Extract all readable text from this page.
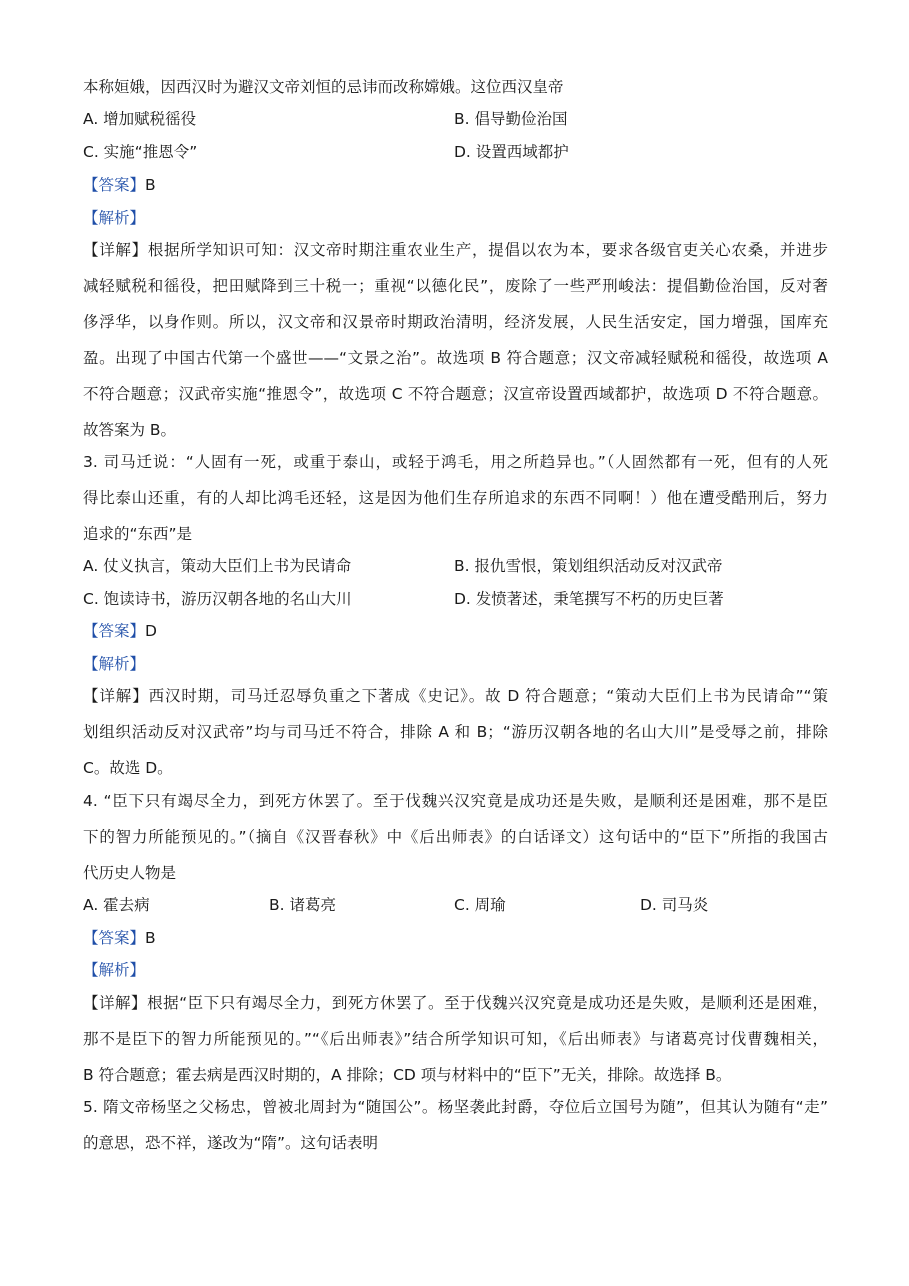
本称姮娥，因西汉时为避汉文帝刘恒的忌讳而改称嫦娥。这位西汉皇帝
A. 增加赋税徭役	B. 倡导勤俭治国
C. 实施“推恩令”	D. 设置西域都护
【答案】B
【解析】
【详解】根据所学知识可知：汉文帝时期注重农业生产，提倡以农为本，要求各级官吏关心农桑，并进步
减轻赋税和徭役，把田赋降到三十税一；重视“以德化民”，废除了一些严刑峻法：提倡勤俭治国，反对奢
侈浮华，以身作则。所以，汉文帝和汉景帝时期政治清明，经济发展，人民生活安定，国力增强，国库充
盈。出现了中国古代第一个盛世——“文景之治”。故选项 B 符合题意；汉文帝减轻赋税和徭役，故选项 A
不符合题意；汉武帝实施“推恩令”，故选项 C 不符合题意；汉宣帝设置西域都护，故选项 D 不符合题意。
故答案为 B。
3. 司马迁说：“人固有一死，或重于泰山，或轻于鸿毛，用之所趋异也。”（人固然都有一死，但有的人死
得比泰山还重，有的人却比鸿毛还轻，这是因为他们生存所追求的东西不同啊！）他在遭受酷刑后，努力
追求的“东西”是
A. 仗义执言，策动大臣们上书为民请命	B. 报仇雪恨，策划组织活动反对汉武帝
C. 饱读诗书，游历汉朝各地的名山大川	D. 发愤著述，秉笔撰写不朽的历史巨著
【答案】D
【解析】
【详解】西汉时期，司马迁忍辱负重之下著成《史记》。故 D 符合题意；“策动大臣们上书为民请命”“策
划组织活动反对汉武帝”均与司马迁不符合，排除 A 和 B；“游历汉朝各地的名山大川”是受辱之前，排除
C。故选 D。
4. “臣下只有竭尽全力，到死方休罢了。至于伐魏兴汉究竟是成功还是失败，是顺利还是困难，那不是臣
下的智力所能预见的。”（摘自《汉晋春秋》中《后出师表》的白话译文）这句话中的“臣下”所指的我国古
代历史人物是
A. 霍去病	B. 诸葛亮	C. 周瑜	D. 司马炎
【答案】B
【解析】
【详解】根据“臣下只有竭尽全力，到死方休罢了。至于伐魏兴汉究竟是成功还是失败，是顺利还是困难，
那不是臣下的智力所能预见的。”“《后出师表》”结合所学知识可知，《后出师表》与诸葛亮讨伐曹魏相关，
B 符合题意；霍去病是西汉时期的，A 排除；CD 项与材料中的“臣下”无关，排除。故选择 B。
5. 隋文帝杨坚之父杨忠，曾被北周封为“随国公”。杨坚袭此封爵，夺位后立国号为随”，但其认为随有“走”
的意思，恐不祥，遂改为“隋”。这句话表明
